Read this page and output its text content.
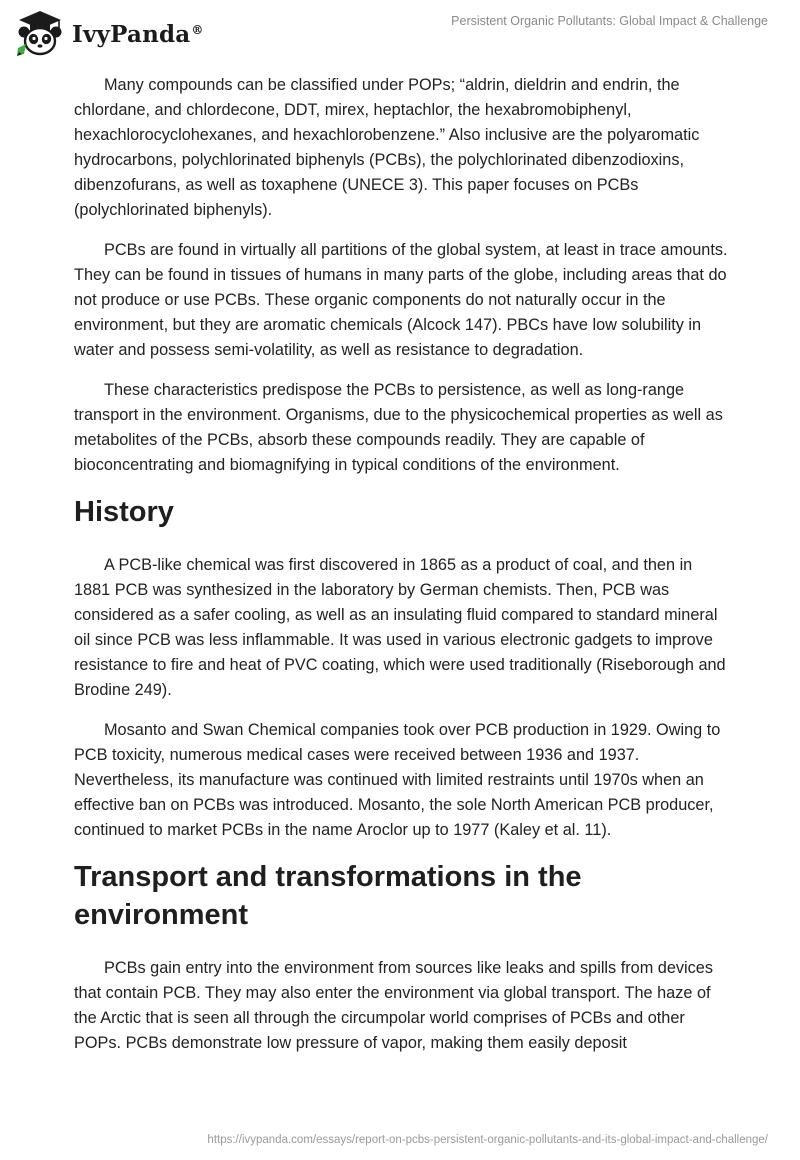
IvyPanda®
Persistent Organic Pollutants: Global Impact & Challenge

Many compounds can be classified under POPs; “aldrin, dieldrin and endrin, the chlordane, and chlordecone, DDT, mirex, heptachlor, the hexabromobiphenyl, hexachlorocyclohexanes, and hexachlorobenzene.” Also inclusive are the polyaromatic hydrocarbons, polychlorinated biphenyls (PCBs), the polychlorinated dibenzodioxins, dibenzofurans, as well as toxaphene (UNECE 3). This paper focuses on PCBs (polychlorinated biphenyls).

PCBs are found in virtually all partitions of the global system, at least in trace amounts. They can be found in tissues of humans in many parts of the globe, including areas that do not produce or use PCBs. These organic components do not naturally occur in the environment, but they are aromatic chemicals (Alcock 147). PBCs have low solubility in water and possess semi-volatility, as well as resistance to degradation.

These characteristics predispose the PCBs to persistence, as well as long-range transport in the environment. Organisms, due to the physicochemical properties as well as metabolites of the PCBs, absorb these compounds readily. They are capable of bioconcentrating and biomagnifying in typical conditions of the environment.

History

A PCB-like chemical was first discovered in 1865 as a product of coal, and then in 1881 PCB was synthesized in the laboratory by German chemists. Then, PCB was considered as a safer cooling, as well as an insulating fluid compared to standard mineral oil since PCB was less inflammable. It was used in various electronic gadgets to improve resistance to fire and heat of PVC coating, which were used traditionally (Riseborough and Brodine 249).

Mosanto and Swan Chemical companies took over PCB production in 1929. Owing to PCB toxicity, numerous medical cases were received between 1936 and 1937. Nevertheless, its manufacture was continued with limited restraints until 1970s when an effective ban on PCBs was introduced. Mosanto, the sole North American PCB producer, continued to market PCBs in the name Aroclor up to 1977 (Kaley et al. 11).

Transport and transformations in the environment

PCBs gain entry into the environment from sources like leaks and spills from devices that contain PCB. They may also enter the environment via global transport. The haze of the Arctic that is seen all through the circumpolar world comprises of PCBs and other POPs. PCBs demonstrate low pressure of vapor, making them easily deposit

https://ivypanda.com/essays/report-on-pcbs-persistent-organic-pollutants-and-its-global-impact-and-challenge/
